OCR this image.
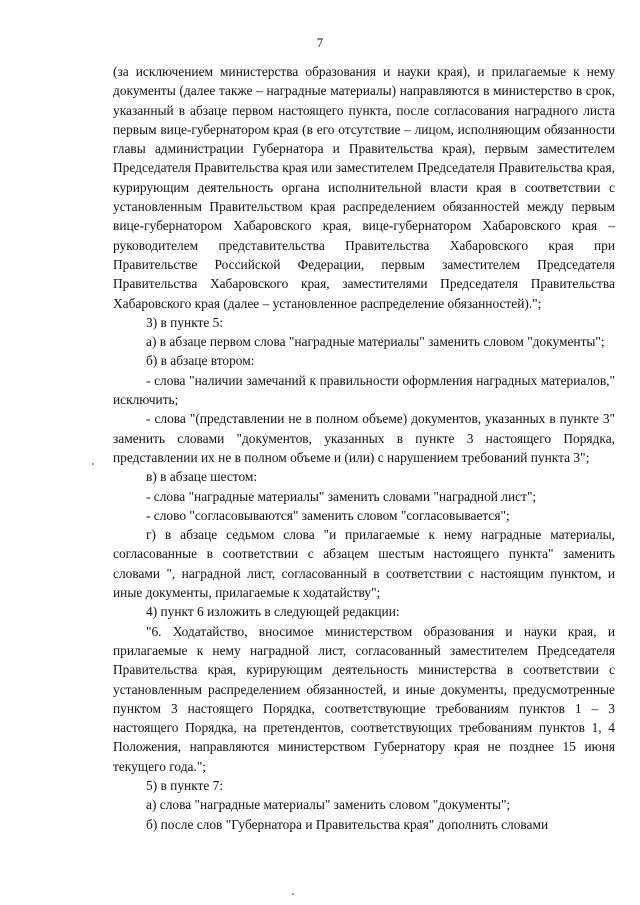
7

(за исключением министерства образования и науки края), и прилагаемые к нему документы (далее также – наградные материалы) направляются в министерство в срок, указанный в абзаце первом настоящего пункта, после согласования наградного листа первым вице-губернатором края (в его отсутствие – лицом, исполняющим обязанности главы администрации Губернатора и Правительства края), первым заместителем Председателя Правительства края или заместителем Председателя Правительства края, курирующим деятельность органа исполнительной власти края в соответствии с установленным Правительством края распределением обязанностей между первым вице-губернатором Хабаровского края, вице-губернатором Хабаровского края – руководителем представительства Правительства Хабаровского края при Правительстве Российской Федерации, первым заместителем Председателя Правительства Хабаровского края, заместителями Председателя Правительства Хабаровского края (далее – установленное распределение обязанностей).";

3) в пункте 5:

а) в абзаце первом слова "наградные материалы" заменить словом "документы";

б) в абзаце втором:

- слова "наличии замечаний к правильности оформления наградных материалов," исключить;

- слова "(представлении не в полном объеме) документов, указанных в пункте 3" заменить словами "документов, указанных в пункте 3 настоящего Порядка, представлении их не в полном объеме и (или) с нарушением требований пункта 3";

в) в абзаце шестом:

- слова "наградные материалы" заменить словами "наградной лист";

- слово "согласовываются" заменить словом "согласовывается";

г) в абзаце седьмом слова "и прилагаемые к нему наградные материалы, согласованные в соответствии с абзацем шестым настоящего пункта" заменить словами ", наградной лист, согласованный в соответствии с настоящим пунктом, и иные документы, прилагаемые к ходатайству";

4) пункт 6 изложить в следующей редакции:

"6. Ходатайство, вносимое министерством образования и науки края, и прилагаемые к нему наградной лист, согласованный заместителем Председателя Правительства края, курирующим деятельность министерства в соответствии с установленным распределением обязанностей, и иные документы, предусмотренные пунктом 3 настоящего Порядка, соответствующие требованиям пунктов 1 – 3 настоящего Порядка, на претендентов, соответствующих требованиям пунктов 1, 4 Положения, направляются министерством Губернатору края не позднее 15 июня текущего года.";

5) в пункте 7:

а) слова "наградные материалы" заменить словом "документы";

б) после слов "Губернатора и Правительства края" дополнить словами
